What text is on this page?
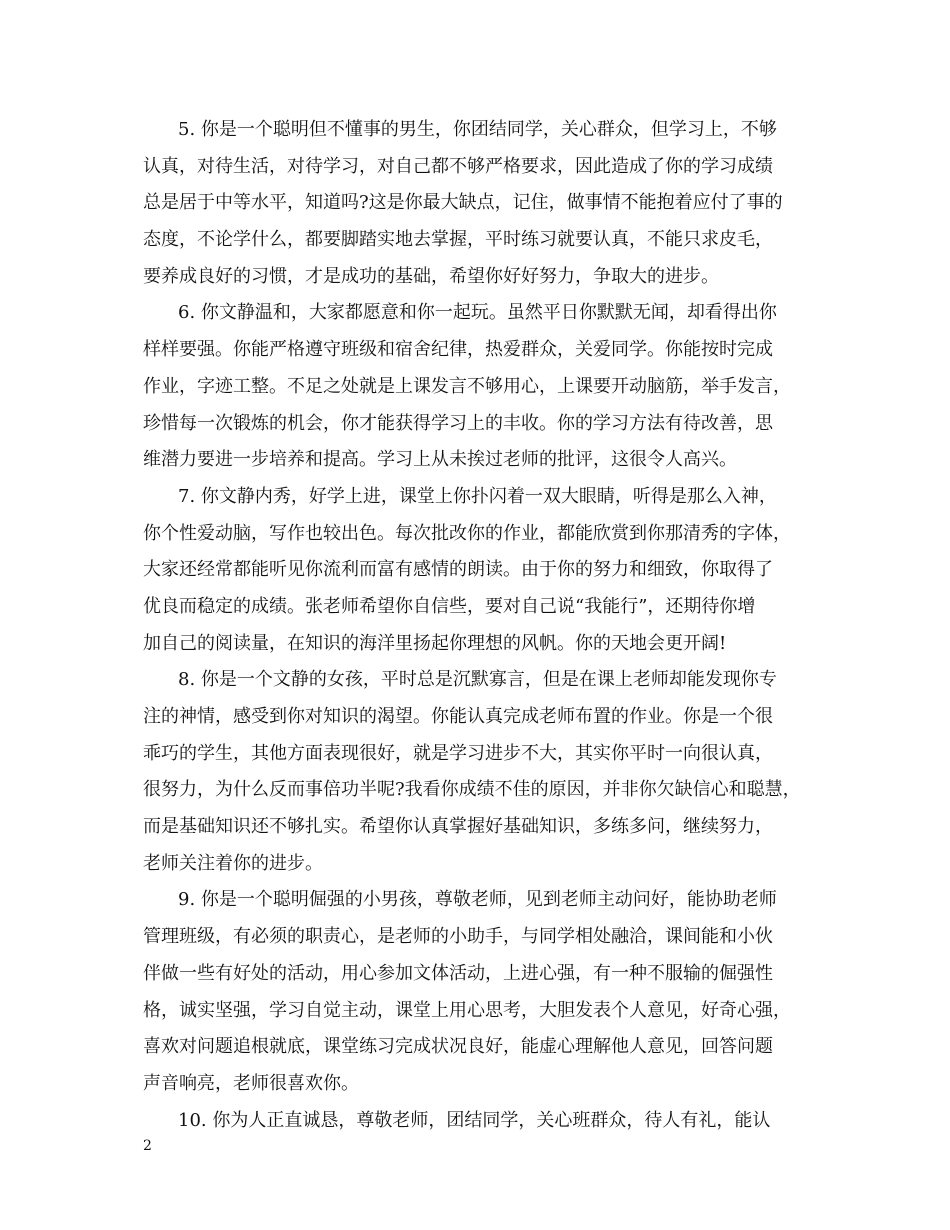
5. 你是一个聪明但不懂事的男生，你团结同学，关心群众，但学习上，不够
认真，对待生活，对待学习，对自己都不够严格要求，因此造成了你的学习成绩
总是居于中等水平，知道吗?这是你最大缺点，记住，做事情不能抱着应付了事的
态度，不论学什么，都要脚踏实地去掌握，平时练习就要认真，不能只求皮毛，
要养成良好的习惯，才是成功的基础，希望你好好努力，争取大的进步。
6. 你文静温和，大家都愿意和你一起玩。虽然平日你默默无闻，却看得出你
样样要强。你能严格遵守班级和宿舍纪律，热爱群众，关爱同学。你能按时完成
作业，字迹工整。不足之处就是上课发言不够用心，上课要开动脑筋，举手发言，
珍惜每一次锻炼的机会，你才能获得学习上的丰收。你的学习方法有待改善，思
维潜力要进一步培养和提高。学习上从未挨过老师的批评，这很令人高兴。
7. 你文静内秀，好学上进，课堂上你扑闪着一双大眼睛，听得是那么入神，
你个性爱动脑，写作也较出色。每次批改你的作业，都能欣赏到你那清秀的字体，
大家还经常都能听见你流利而富有感情的朗读。由于你的努力和细致，你取得了
优良而稳定的成绩。张老师希望你自信些，要对自己说“我能行”，还期待你增
加自己的阅读量，在知识的海洋里扬起你理想的风帆。你的天地会更开阔!
8. 你是一个文静的女孩，平时总是沉默寡言，但是在课上老师却能发现你专
注的神情，感受到你对知识的渴望。你能认真完成老师布置的作业。你是一个很
乖巧的学生，其他方面表现很好，就是学习进步不大，其实你平时一向很认真，
很努力，为什么反而事倍功半呢?我看你成绩不佳的原因，并非你欠缺信心和聪慧，
而是基础知识还不够扎实。希望你认真掌握好基础知识，多练多问，继续努力，
老师关注着你的进步。
9. 你是一个聪明倔强的小男孩，尊敬老师，见到老师主动问好，能协助老师
管理班级，有必须的职责心，是老师的小助手，与同学相处融洽，课间能和小伙
伴做一些有好处的活动，用心参加文体活动，上进心强，有一种不服输的倔强性
格，诚实坚强，学习自觉主动，课堂上用心思考，大胆发表个人意见，好奇心强，
喜欢对问题追根就底，课堂练习完成状况良好，能虚心理解他人意见，回答问题
声音响亮，老师很喜欢你。
10. 你为人正直诚恳，尊敬老师，团结同学，关心班群众，待人有礼，能认
2
